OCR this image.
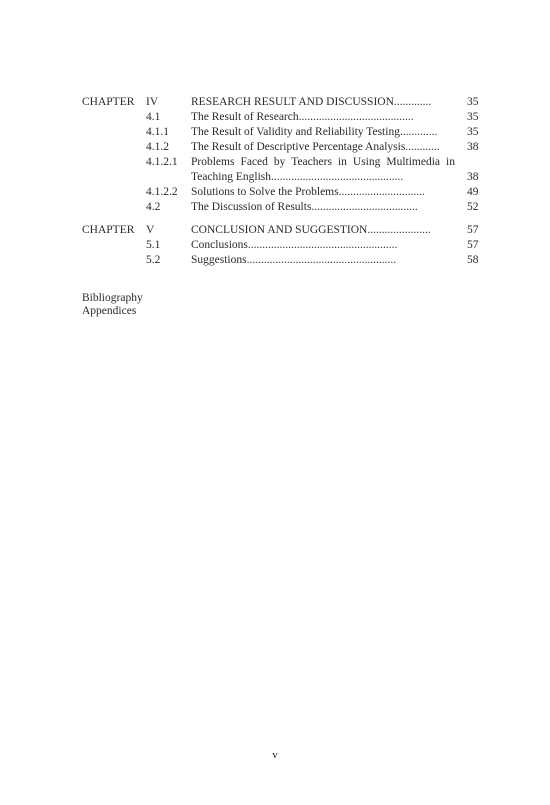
CHAPTER IV	RESEARCH RESULT AND DISCUSSION.............	35
4.1	The Result of Research........................................	35
4.1.1 The Result of Validity and Reliability Testing.............	35
4.1.2 The Result of Descriptive Percentage Analysis............	38
4.1.2.1 Problems Faced by Teachers in Using Multimedia in Teaching English..............................................	38
4.1.2.2 Solutions to Solve the Problems..............................	49
4.2	The Discussion of Results.....................................	52
CHAPTER V	CONCLUSION AND SUGGESTION......................	57
5.1	Conclusions....................................................	57
5.2	Suggestions....................................................	58
Bibliography
Appendices
v
